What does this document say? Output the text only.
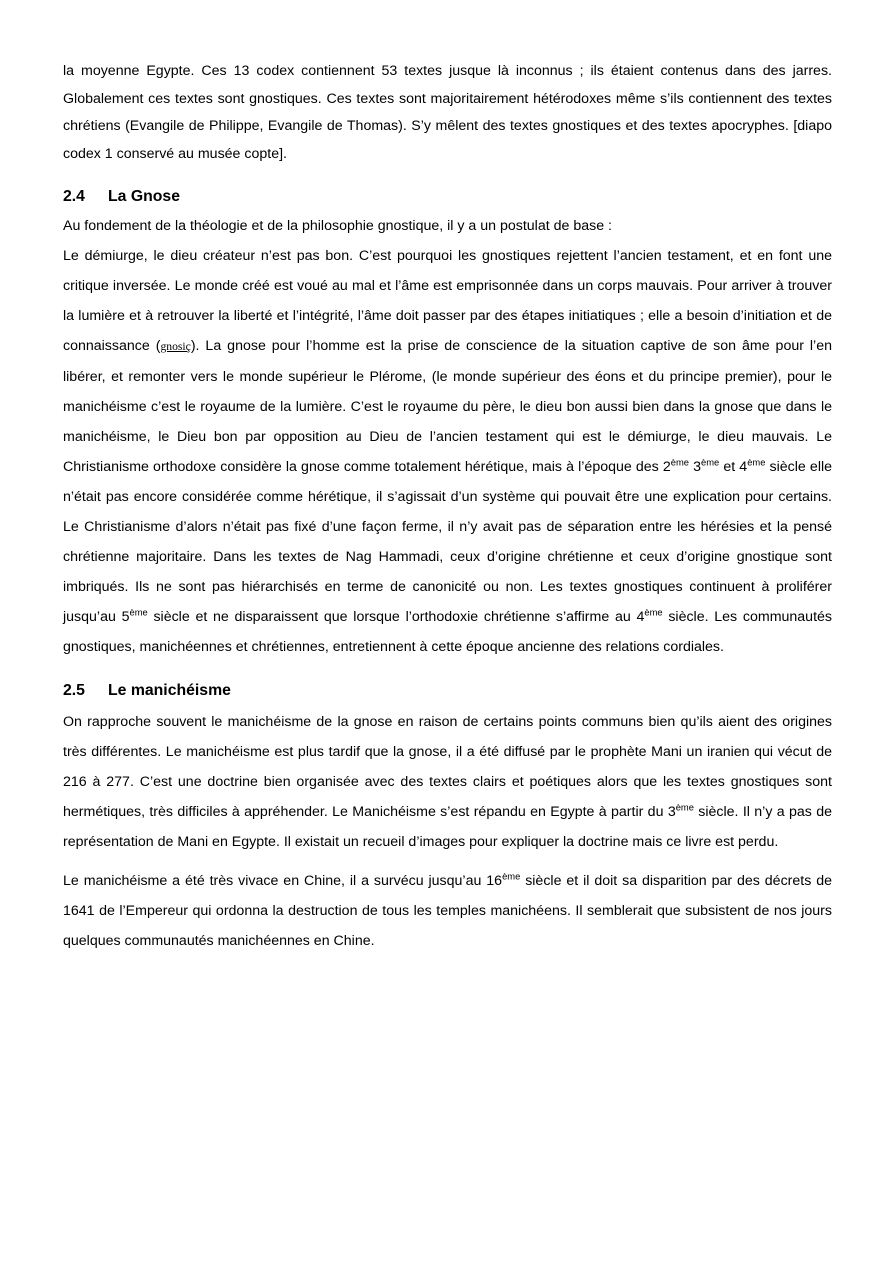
la moyenne Egypte. Ces 13 codex contiennent 53 textes jusque là inconnus ; ils étaient contenus dans des jarres. Globalement ces textes sont gnostiques. Ces textes sont majoritairement hétérodoxes même s’ils contiennent des textes chrétiens (Evangile de Philippe, Evangile de Thomas). S’y mêlent des textes gnostiques et des textes apocryphes. [diapo codex 1 conservé au musée copte].

2.4 La Gnose

Au fondement de la théologie et de la philosophie gnostique, il y a un postulat de base :

Le démiurge, le dieu créateur n’est pas bon. C’est pourquoi les gnostiques rejettent l’ancien testament, et en font une critique inversée. Le monde créé est voué au mal et l’âme est emprisonnée dans un corps mauvais. Pour arriver à trouver la lumière et à retrouver la liberté et l’intégrité, l’âme doit passer par des étapes initiatiques ; elle a besoin d’initiation et de connaissance (gnosiç). La gnose pour l’homme est la prise de conscience de la situation captive de son âme pour l’en libérer, et remonter vers le monde supérieur le Plérome, (le monde supérieur des éons et du principe premier), pour le manichéisme c’est le royaume de la lumière. C’est le royaume du père, le dieu bon aussi bien dans la gnose que dans le manichéisme, le Dieu bon par opposition au Dieu de l’ancien testament qui est le démiurge, le dieu mauvais. Le Christianisme orthodoxe considère la gnose comme totalement hérétique, mais à l’époque des 2ème 3ème et 4ème siècle elle n’était pas encore considérée comme hérétique, il s’agissait d’un système qui pouvait être une explication pour certains. Le Christianisme d’alors n’était pas fixé d’une façon ferme, il n’y avait pas de séparation entre les hérésies et la pensé chrétienne majoritaire. Dans les textes de Nag Hammadi, ceux d’origine chrétienne et ceux d’origine gnostique sont imbriqués. Ils ne sont pas hiérarchisés en terme de canonicité ou non. Les textes gnostiques continuent à proliférer jusqu’au 5ème siècle et ne disparaissent que lorsque l’orthodoxie chrétienne s’affirme au 4ème siècle. Les communautés gnostiques, manichéennes et chrétiennes, entretiennent à cette époque ancienne des relations cordiales.

2.5 Le manichéisme

On rapproche souvent le manichéisme de la gnose en raison de certains points communs bien qu’ils aient des origines très différentes. Le manichéisme est plus tardif que la gnose, il a été diffusé par le prophète Mani un iranien qui vécut de 216 à 277. C’est une doctrine bien organisée avec des textes clairs et poétiques alors que les textes gnostiques sont hermétiques, très difficiles à appréhender. Le Manichéisme s’est répandu en Egypte à partir du 3ème siècle. Il n’y a pas de représentation de Mani en Egypte. Il existait un recueil d’images pour expliquer la doctrine mais ce livre est perdu.

Le manichéisme a été très vivace en Chine, il a survécu jusqu’au 16ème siècle et il doit sa disparition par des décrets de 1641 de l’Empereur qui ordonna la destruction de tous les temples manichéens. Il semblerait que subsistent de nos jours quelques communautés manichéennes en Chine.
